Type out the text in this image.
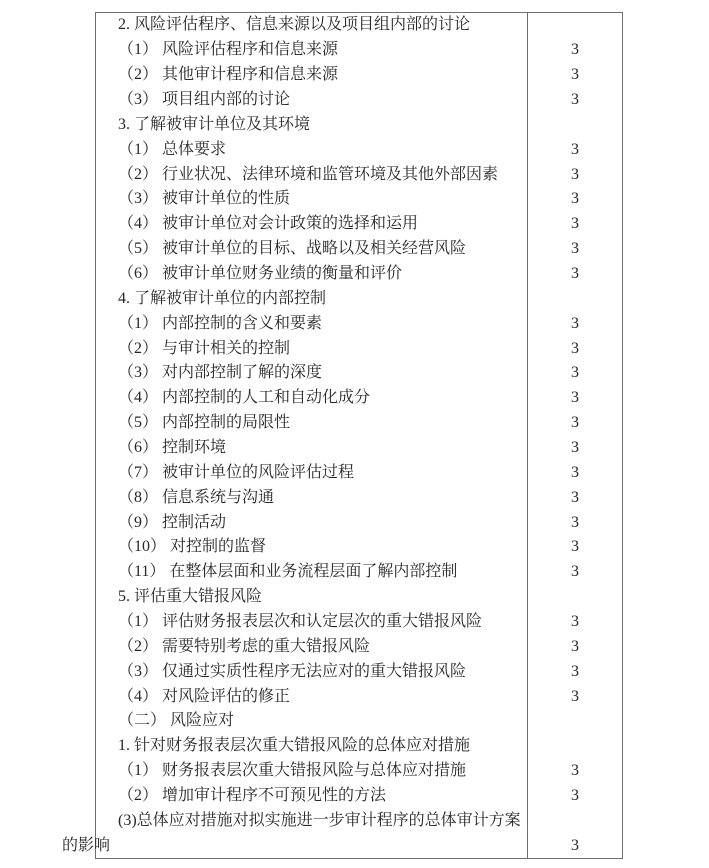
2. 风险评估程序、信息来源以及项目组内部的讨论
（1） 风险评估程序和信息来源	3
（2） 其他审计程序和信息来源	3
（3） 项目组内部的讨论	3
3. 了解被审计单位及其环境
（1） 总体要求	3
（2） 行业状况、法律环境和监管环境及其他外部因素	3
（3） 被审计单位的性质	3
（4） 被审计单位对会计政策的选择和运用	3
（5） 被审计单位的目标、战略以及相关经营风险	3
（6） 被审计单位财务业绩的衡量和评价	3
4. 了解被审计单位的内部控制
（1） 内部控制的含义和要素	3
（2） 与审计相关的控制	3
（3） 对内部控制了解的深度	3
（4） 内部控制的人工和自动化成分	3
（5） 内部控制的局限性	3
（6） 控制环境	3
（7） 被审计单位的风险评估过程	3
（8） 信息系统与沟通	3
（9） 控制活动	3
（10） 对控制的监督	3
（11） 在整体层面和业务流程层面了解内部控制	3
5. 评估重大错报风险
（1） 评估财务报表层次和认定层次的重大错报风险	3
（2） 需要特别考虑的重大错报风险	3
（3） 仅通过实质性程序无法应对的重大错报风险	3
（4） 对风险评估的修正	3
（二） 风险应对
1. 针对财务报表层次重大错报风险的总体应对措施
（1） 财务报表层次重大错报风险与总体应对措施	3
（2） 增加审计程序不可预见性的方法	3
(3)总体应对措施对拟实施进一步审计程序的总体审计方案
的影响	3
